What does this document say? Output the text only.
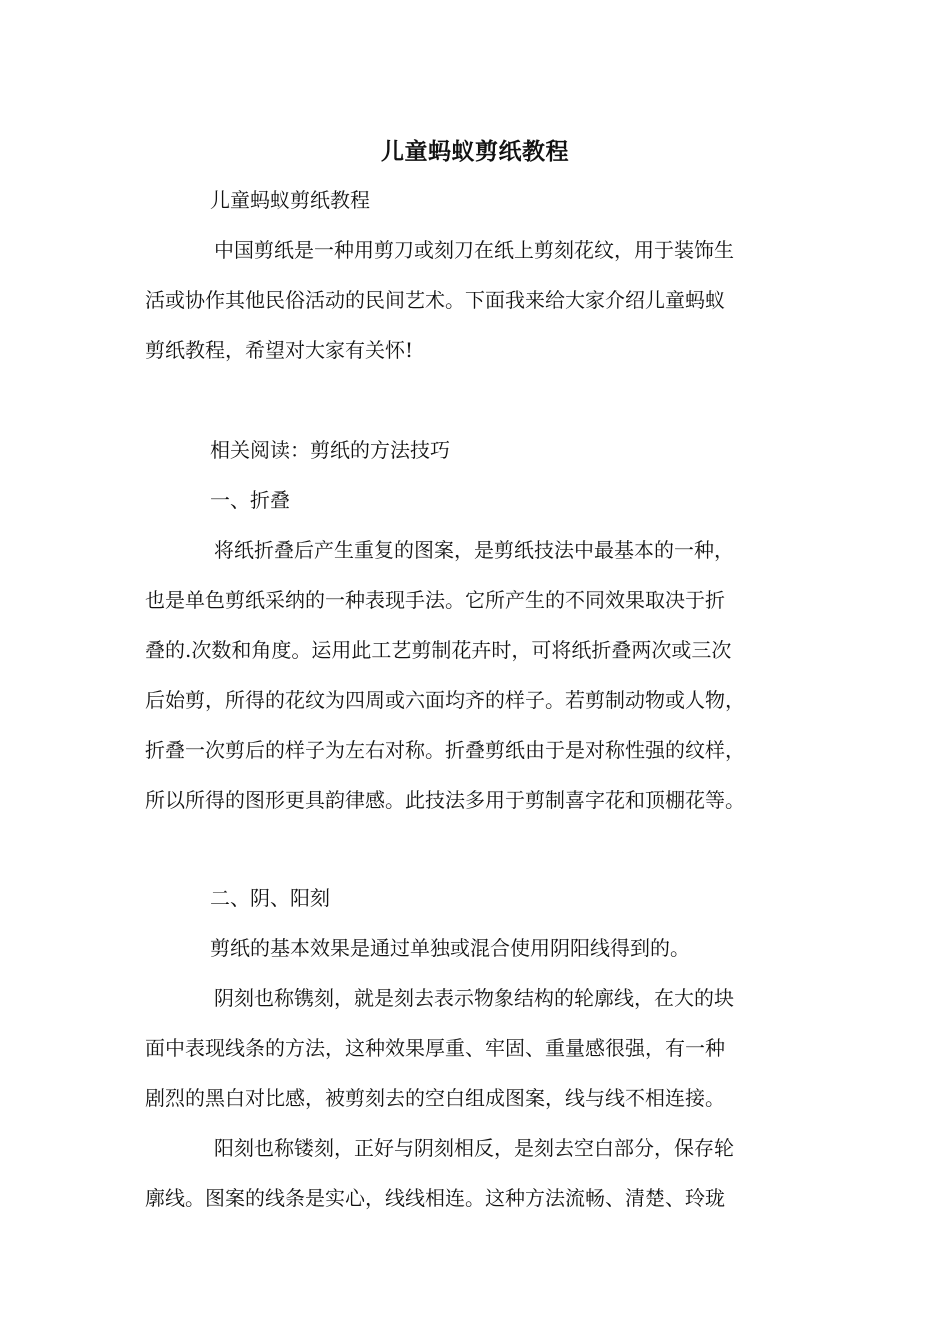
儿童蚂蚁剪纸教程
儿童蚂蚁剪纸教程
中国剪纸是一种用剪刀或刻刀在纸上剪刻花纹，用于装饰生
活或协作其他民俗活动的民间艺术。下面我来给大家介绍儿童蚂蚁
剪纸教程，希望对大家有关怀!
相关阅读：剪纸的方法技巧
一、折叠
将纸折叠后产生重复的图案，是剪纸技法中最基本的一种，
也是单色剪纸采纳的一种表现手法。它所产生的不同效果取决于折
叠的.次数和角度。运用此工艺剪制花卉时，可将纸折叠两次或三次
后始剪，所得的花纹为四周或六面均齐的样子。若剪制动物或人物，
折叠一次剪后的样子为左右对称。折叠剪纸由于是对称性强的纹样，
所以所得的图形更具韵律感。此技法多用于剪制喜字花和顶棚花等。
二、阴、阳刻
剪纸的基本效果是通过单独或混合使用阴阳线得到的。
阴刻也称镌刻，就是刻去表示物象结构的轮廓线，在大的块
面中表现线条的方法，这种效果厚重、牢固、重量感很强，有一种
剧烈的黑白对比感，被剪刻去的空白组成图案，线与线不相连接。
阳刻也称镂刻，正好与阴刻相反，是刻去空白部分，保存轮
廓线。图案的线条是实心，线线相连。这种方法流畅、清楚、玲珑
